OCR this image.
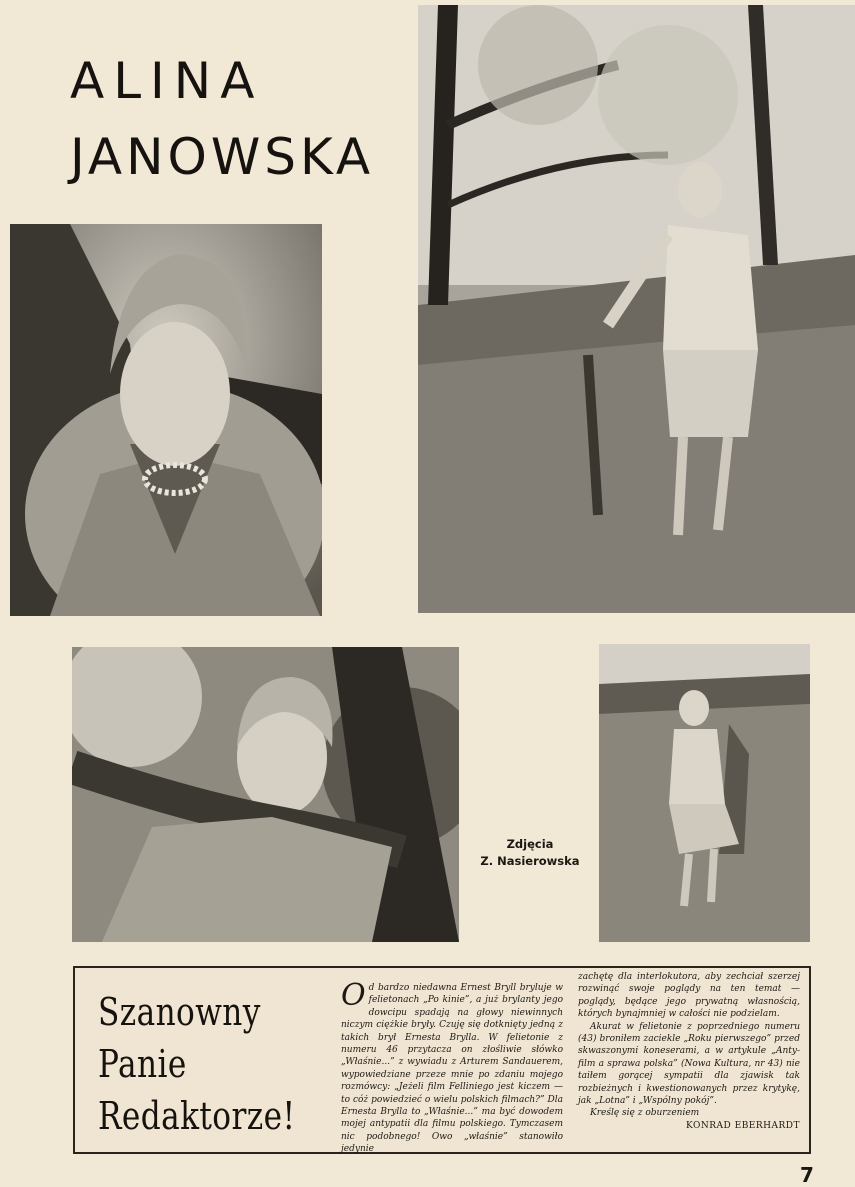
ALINA
JANOWSKA
Zdjęcia
Z. Nasierowska
Szanowny
Panie
Redaktorze!

Od bardzo niedawna Ernest Bryll bryluje w felietonach „Po kinie”, a już brylanty jego dowcipu spadają na głowy niewinnych niczym ciężkie bryły. Czuję się dotknięty jedną z takich brył Ernesta Brylla. W felietonie z numeru 46 przytacza on złośliwie słówko „Właśnie...” z wywiadu z Arturem Sandauerem, wypowiedziane przeze mnie po zdaniu mojego rozmówcy: „Jeżeli film Felliniego jest kiczem — to cóż powiedzieć o wielu polskich filmach?” Dla Ernesta Brylla to „Właśnie...” ma być dowodem mojej antypatii dla filmu polskiego. Tymczasem nic podobnego! Owo „właśnie” stanowiło jedynie

zachętę dla interlokutora, aby zechciał szerzej rozwinąć swoje poglądy na ten temat — poglądy, będące jego prywatną własnością, których bynajmniej w całości nie podzielam.

Akurat w felietonie z poprzedniego numeru (43) broniłem zaciekle „Roku pierwszego” przed skwaszonymi koneserami, a w artykule „Anty-film a sprawa polska” (Nowa Kultura, nr 43) nie taiłem gorącej sympatii dla zjawisk tak rozbieżnych i kwestionowanych przez krytykę, jak „Lotna” i „Wspólny pokój”.

Kreślę się z oburzeniem

KONRAD EBERHARDT
7
